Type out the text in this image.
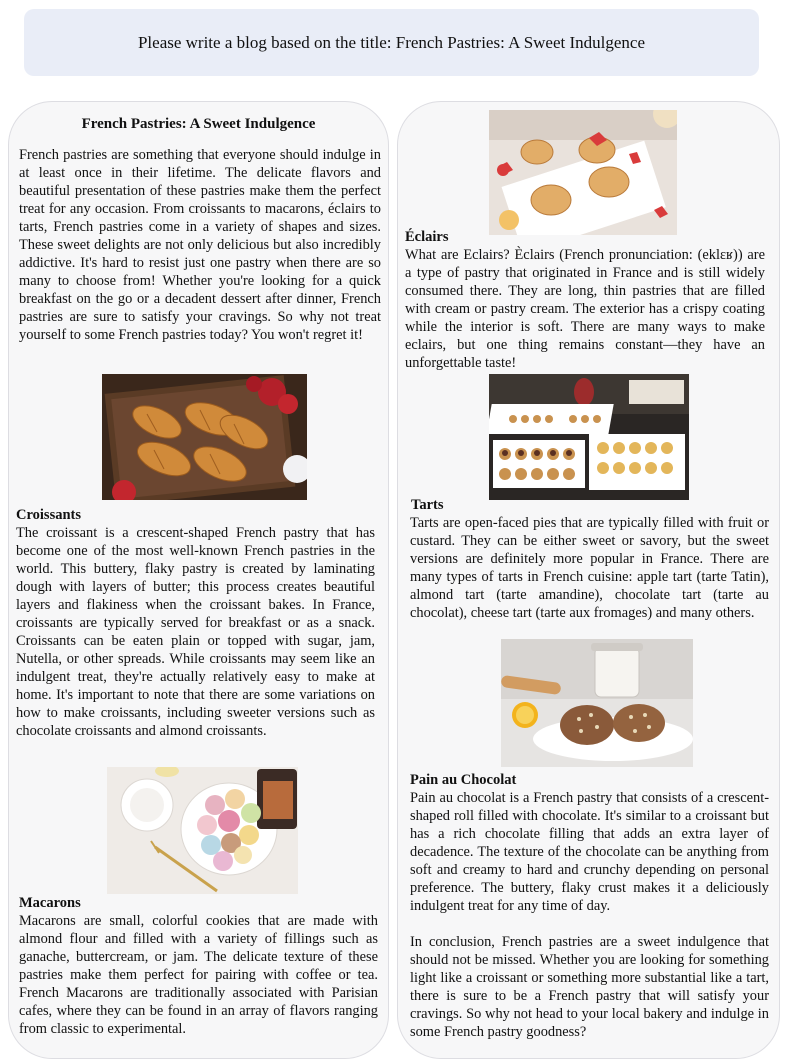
Please write a blog based on the title: French Pastries: A Sweet Indulgence
French Pastries: A Sweet Indulgence
French pastries are something that everyone should indulge in at least once in their lifetime. The delicate flavors and beautiful presentation of these pastries make them the perfect treat for any occasion. From croissants to macarons, éclairs to tarts, French pastries come in a variety of shapes and sizes. These sweet delights are not only delicious but also incredibly addictive. It's hard to resist just one pastry when there are so many to choose from! Whether you're looking for a quick breakfast on the go or a decadent dessert after dinner, French pastries are sure to satisfy your cravings. So why not treat yourself to some French pastries today? You won't regret it!
Croissants
The croissant is a crescent-shaped French pastry that has become one of the most well-known French pastries in the world. This buttery, flaky pastry is created by laminating dough with layers of butter; this process creates beautiful layers and flakiness when the croissant bakes. In France, croissants are typically served for breakfast or as a snack. Croissants can be eaten plain or topped with sugar, jam, Nutella, or other spreads. While croissants may seem like an indulgent treat, they're actually relatively easy to make at home. It's important to note that there are some variations on how to make croissants, including sweeter versions such as chocolate croissants and almond croissants.
Macarons
Macarons are small, colorful cookies that are made with almond flour and filled with a variety of fillings such as ganache, buttercream, or jam. The delicate texture of these pastries make them perfect for pairing with coffee or tea. French Macarons are traditionally associated with Parisian cafes, where they can be found in an array of flavors ranging from classic to experimental.
Éclairs
What are Eclairs? Èclairs (French pronunciation: (eklɛʁ)) are a type of pastry that originated in France and is still widely consumed there. They are long, thin pastries that are filled with cream or pastry cream. The exterior has a crispy coating while the interior is soft. There are many ways to make eclairs, but one thing remains constant—they have an unforgettable taste!
Tarts
Tarts are open-faced pies that are typically filled with fruit or custard. They can be either sweet or savory, but the sweet versions are definitely more popular in France. There are many types of tarts in French cuisine: apple tart (tarte Tatin), almond tart (tarte amandine), chocolate tart (tarte au chocolat), cheese tart (tarte aux fromages) and many others.
Pain au Chocolat
Pain au chocolat is a French pastry that consists of a crescent-shaped roll filled with chocolate. It's similar to a croissant but has a rich chocolate filling that adds an extra layer of decadence. The texture of the chocolate can be anything from soft and creamy to hard and crunchy depending on personal preference. The buttery, flaky crust makes it a deliciously indulgent treat for any time of day.
In conclusion, French pastries are a sweet indulgence that should not be missed. Whether you are looking for something light like a croissant or something more substantial like a tart, there is sure to be a French pastry that will satisfy your cravings. So why not head to your local bakery and indulge in some French pastry goodness?
